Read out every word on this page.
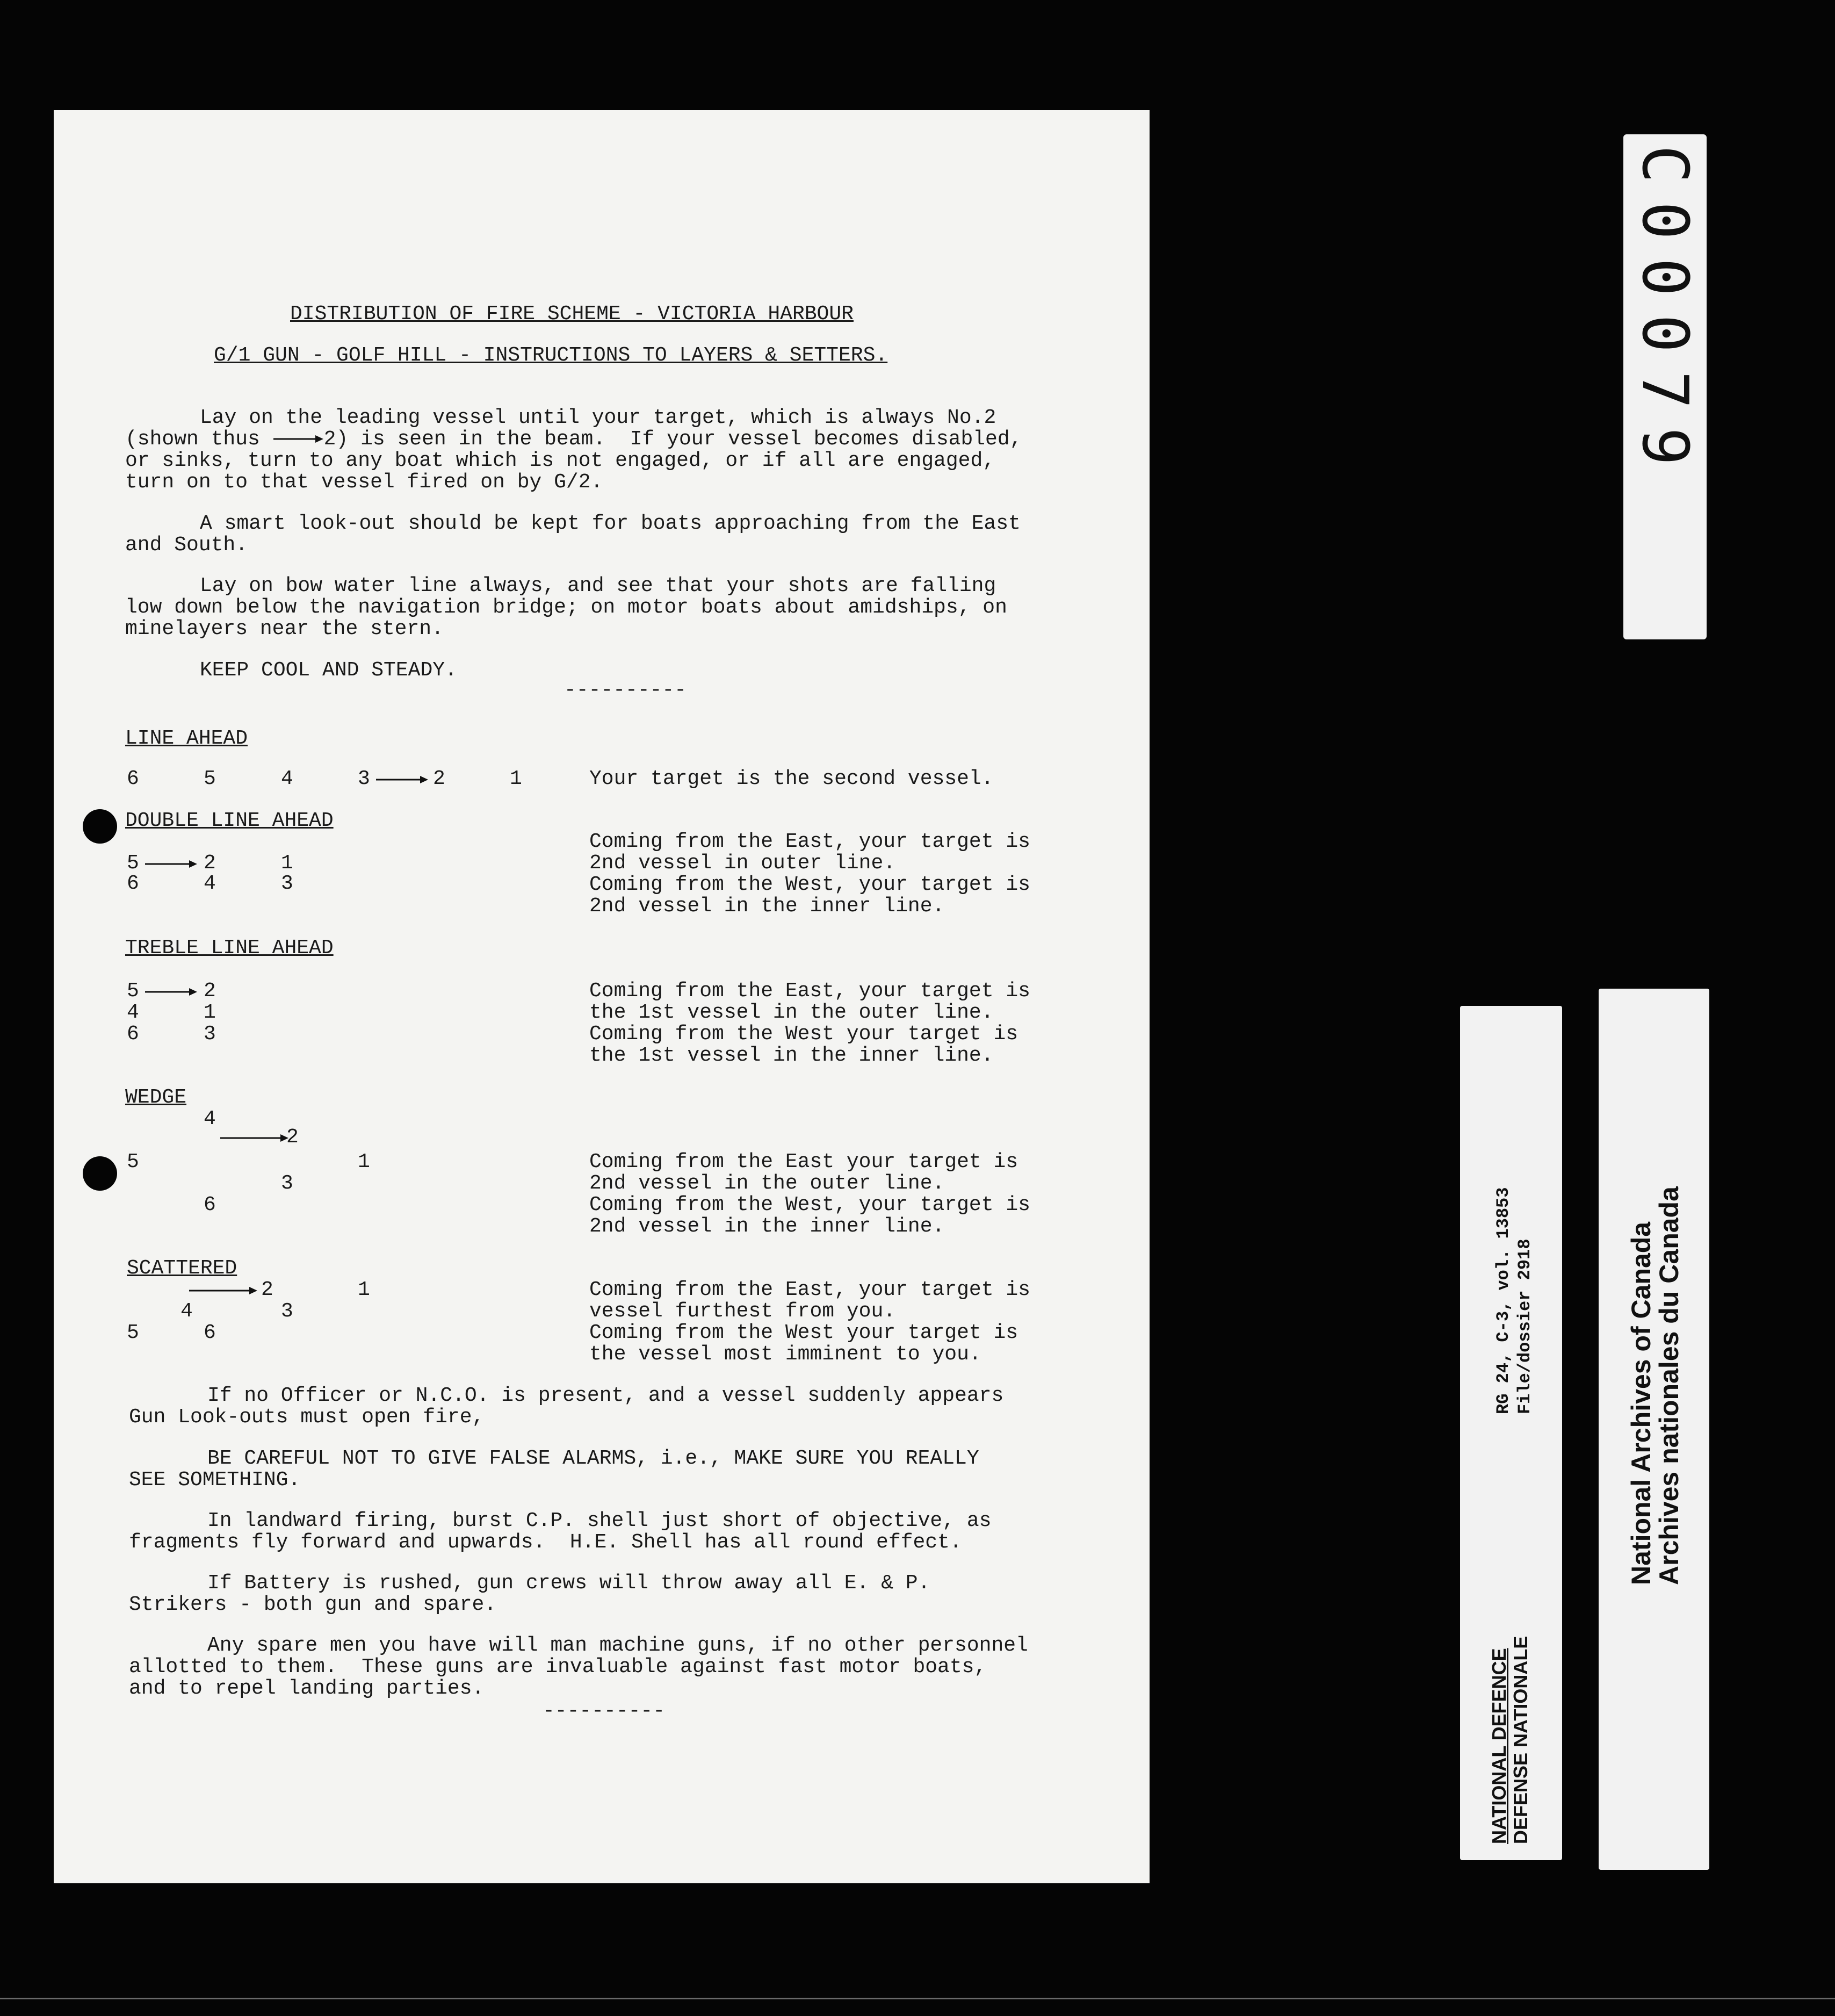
DISTRIBUTION OF FIRE SCHEME - VICTORIA HARBOUR
G/1 GUN - GOLF HILL - INSTRUCTIONS TO LAYERS & SETTERS.
Lay on the leading vessel until your target, which is always No.2
(shown thus	2) is seen in the beam.  If your vessel becomes disabled,
or sinks, turn to any boat which is not engaged, or if all are engaged,
turn on to that vessel fired on by G/2.
A smart look-out should be kept for boats approaching from the East
and South.
Lay on bow water line always, and see that your shots are falling
low down below the navigation bridge; on motor boats about amidships, on
minelayers near the stern.
KEEP COOL AND STEADY.
----------
LINE AHEAD
6	5	4	3	2	1	Your target is the second vessel.
DOUBLE LINE AHEAD
5	2	1
6	4	3
Coming from the East, your target is
2nd vessel in outer line.
Coming from the West, your target is
2nd vessel in the inner line.
TREBLE LINE AHEAD
5	2
4	1
6	3
Coming from the East, your target is
the 1st vessel in the outer line.
Coming from the West your target is
the 1st vessel in the inner line.
WEDGE
4
2
5	1
3
6
Coming from the East your target is
2nd vessel in the outer line.
Coming from the West, your target is
2nd vessel in the inner line.
SCATTERED
2	1
4	3
5	6
Coming from the East, your target is
vessel furthest from you.
Coming from the West your target is
the vessel most imminent to you.
If no Officer or N.C.O. is present, and a vessel suddenly appears
Gun Look-outs must open fire,
BE CAREFUL NOT TO GIVE FALSE ALARMS, i.e., MAKE SURE YOU REALLY
SEE SOMETHING.
In landward firing, burst C.P. shell just short of objective, as
fragments fly forward and upwards.  H.E. Shell has all round effect.
If Battery is rushed, gun crews will throw away all E. & P.
Strikers - both gun and spare.
Any spare men you have will man machine guns, if no other personnel
allotted to them.  These guns are invaluable against fast motor boats,
and to repel landing parties.
----------
C00079
RG 24, C-3, vol. 13853 File/dossier 2918
NATIONAL DEFENCE DEFENSE NATIONALE
National Archives of Canada
Archives nationales du Canada
